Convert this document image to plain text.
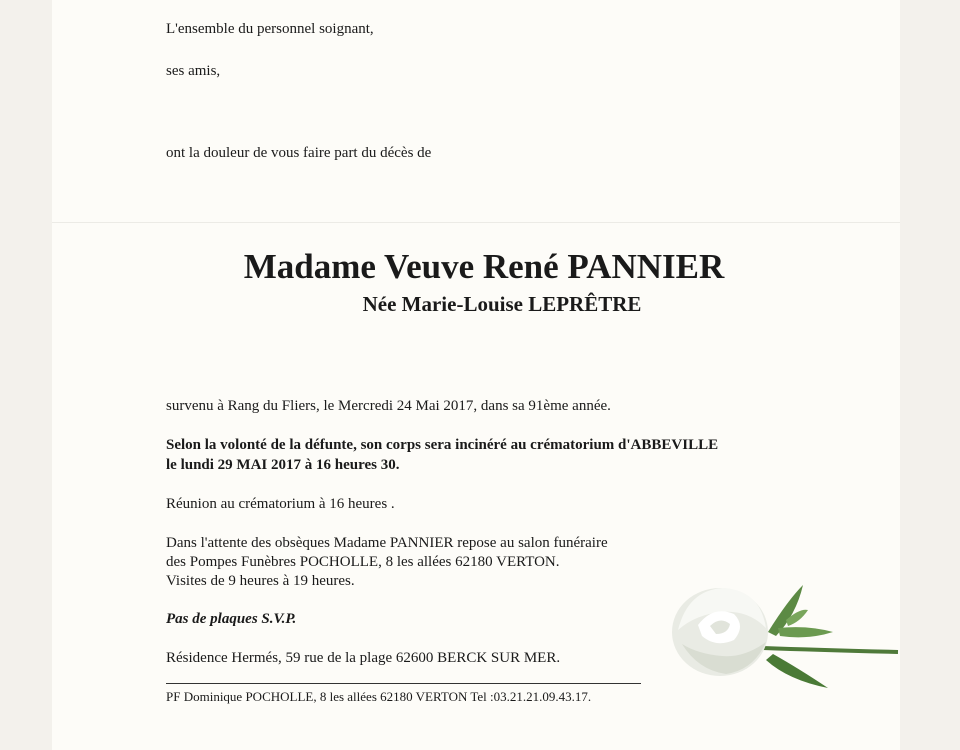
L'ensemble du personnel soignant,
ses amis,
ont la douleur de vous faire part du décès de
Madame Veuve René PANNIER
Née Marie-Louise LEPRÊTRE
survenu à Rang du Fliers, le Mercredi 24 Mai 2017, dans sa 91ème année.
Selon la volonté de la défunte, son corps sera incinéré au crématorium d'ABBEVILLE
le lundi 29 MAI 2017 à 16 heures 30.
Réunion au crématorium à 16 heures .
Dans l'attente des obsèques Madame PANNIER repose au salon funéraire
des Pompes Funèbres POCHOLLE, 8 les allées 62180 VERTON.
Visites de 9 heures à 19 heures.
Pas de plaques S.V.P.
Résidence Hermés, 59 rue de la plage 62600 BERCK SUR MER.
PF Dominique POCHOLLE, 8 les allées 62180 VERTON Tel :03.21.21.09.43.17.
